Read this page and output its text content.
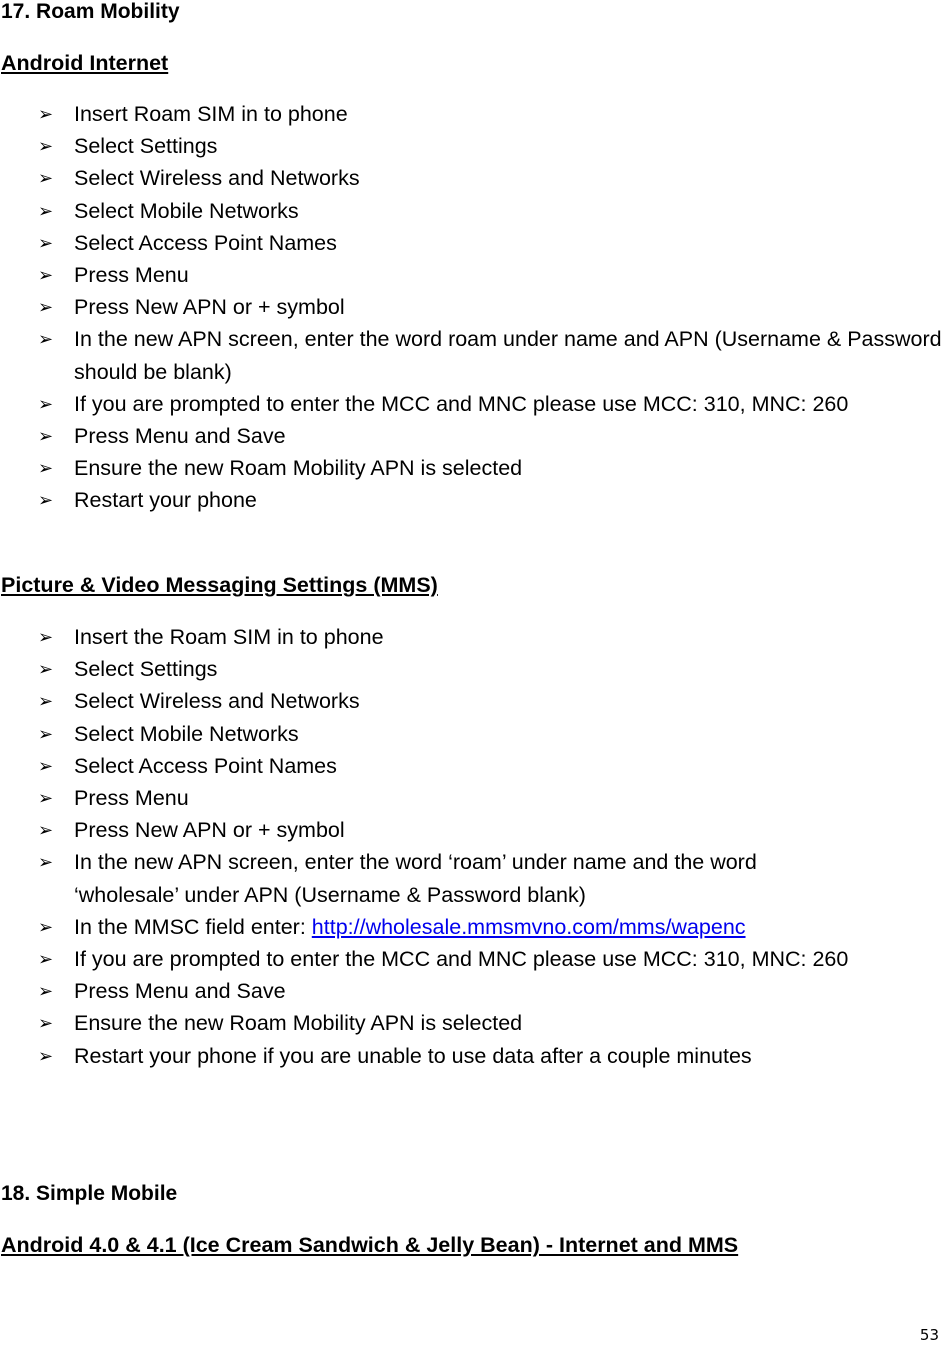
17. Roam Mobility
Android Internet
➢ Insert Roam SIM in to phone
➢ Select Settings
➢ Select Wireless and Networks
➢ Select Mobile Networks
➢ Select Access Point Names
➢ Press Menu
➢ Press New APN or + symbol
➢ In the new APN screen, enter the word roam under name and APN (Username & Password should be blank)
➢ If you are prompted to enter the MCC and MNC please use MCC: 310, MNC: 260
➢ Press Menu and Save
➢ Ensure the new Roam Mobility APN is selected
➢ Restart your phone
Picture & Video Messaging Settings (MMS)
➢ Insert the Roam SIM in to phone
➢ Select Settings
➢ Select Wireless and Networks
➢ Select Mobile Networks
➢ Select Access Point Names
➢ Press Menu
➢ Press New APN or + symbol
➢ In the new APN screen, enter the word ‘roam’ under name and the word ‘wholesale’ under APN (Username & Password blank)
➢ In the MMSC field enter: http://wholesale.mmsmvno.com/mms/wapenc
➢ If you are prompted to enter the MCC and MNC please use MCC: 310, MNC: 260
➢ Press Menu and Save
➢ Ensure the new Roam Mobility APN is selected
➢ Restart your phone if you are unable to use data after a couple minutes
18. Simple Mobile
Android 4.0 & 4.1 (Ice Cream Sandwich & Jelly Bean) - Internet and MMS
53
